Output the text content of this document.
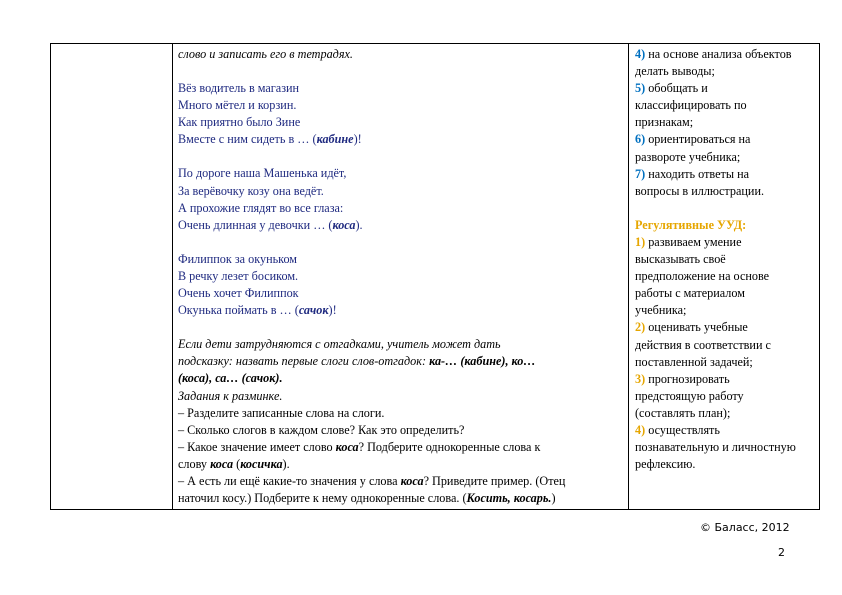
слово и записать его в тетрадях.
Вёз водитель в магазин
Много мётел и корзин.
Как приятно было Зине
Вместе с ним сидеть в … (кабине)!
По дороге наша Машенька идёт,
За верёвочку козу она ведёт.
А прохожие глядят во все глаза:
Очень длинная у девочки … (коса).
Филиппок за окуньком
В речку лезет босиком.
Очень хочет Филиппок
Окунька поймать в … (сачок)!
Если дети затрудняются с отгадками, учитель может дать
подсказку: назвать первые слоги слов-отгадок: ка-… (кабине), ко…
(коса), са… (сачок).
Задания к разминке.
– Разделите записанные слова на слоги.
– Сколько слогов в каждом слове? Как это определить?
– Какое значение имеет слово коса? Подберите однокоренные слова к
слову коса (косичка).
– А есть ли ещё какие-то значения у слова коса? Приведите пример. (Отец
наточил косу.) Подберите к нему однокоренные слова. (Косить, косарь.)
4) на основе анализа объектов
делать выводы;
5) обобщать и
классифицировать по
признакам;
6) ориентироваться на
развороте учебника;
7) находить ответы на
вопросы в иллюстрации.
Регулятивные УУД:
1) развиваем умение
высказывать своё
предположение на основе
работы с материалом
учебника;
2) оценивать учебные
действия в соответствии с
поставленной задачей;
3) прогнозировать
предстоящую работу
(составлять план);
4) осуществлять
познавательную и личностную
рефлексию.
© Баласс, 2012
2
